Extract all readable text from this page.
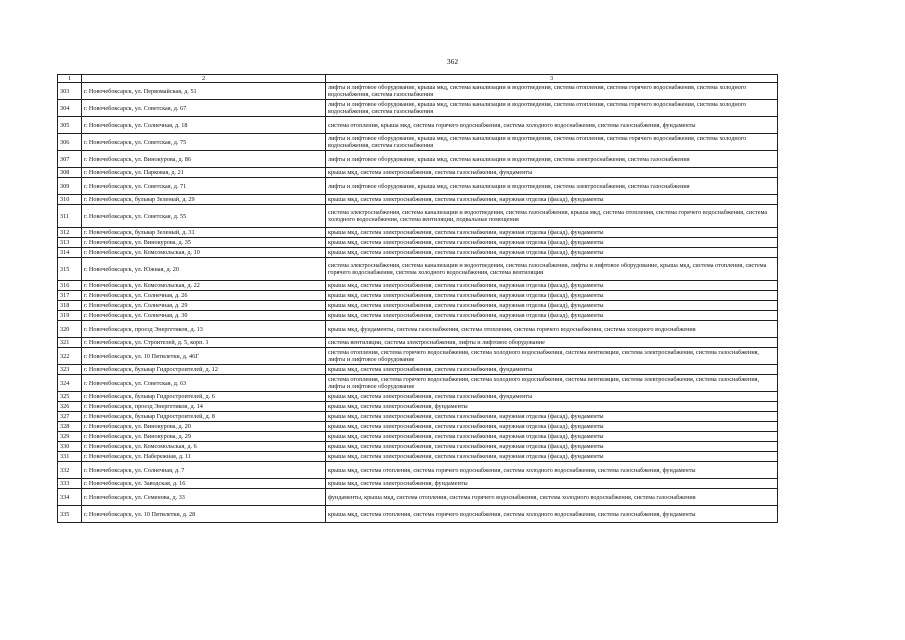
362
1	2	3
303	г. Новочебоксарск, ул. Первомайская, д. 51	лифты и лифтовое оборудование, крыша мкд, система канализации и водоотведения, система отопления, система горячего водоснабжения, система холодного водоснабжения, система газоснабжения
304	г. Новочебоксарск, ул. Советская, д. 67	лифты и лифтовое оборудование, крыша мкд, система канализации и водоотведения, система отопления, система горячего водоснабжения, система холодного водоснабжения, система газоснабжения
305	г. Новочебоксарск, ул. Солнечная, д. 18	система отопления, крыша мкд, система горячего водоснабжения, система холодного водоснабжения, система газоснабжения, фундаменты
306	г. Новочебоксарск, ул. Советская, д. 75	лифты и лифтовое оборудование, крыша мкд, система канализации и водоотведения, система отопления, система горячего водоснабжения, система холодного водоснабжения, система газоснабжения
307	г. Новочебоксарск, ул. Винокурова, д. 86	лифты и лифтовое оборудование, крыша мкд, система канализации и водоотведения, система электроснабжения, система газоснабжения
308	г. Новочебоксарск, ул. Парковая, д. 21	крыша мкд, система электроснабжения, система газоснабжения, фундаменты
309	г. Новочебоксарск, ул. Советская, д. 71	лифты и лифтовое оборудование, крыша мкд, система канализации и водоотведения, система электроснабжения, система газоснабжения
310	г. Новочебоксарск, бульвар Зеленый, д. 29	крыша мкд, система электроснабжения, система газоснабжения, наружная отделка (фасад), фундаменты
311	г. Новочебоксарск, ул. Советская, д. 55	система электроснабжения, система канализации и водоотведения, система газоснабжения, крыша мкд, система отопления, система горячего водоснабжения, система холодного водоснабжения, система вентиляции, подвальные помещения
312	г. Новочебоксарск, бульвар Зеленый, д. 31	крыша мкд, система электроснабжения, система газоснабжения, наружная отделка (фасад), фундаменты
313	г. Новочебоксарск, ул. Винокурова, д. 35	крыша мкд, система электроснабжения, система газоснабжения, наружная отделка (фасад), фундаменты
314	г. Новочебоксарск, ул. Комсомольская, д. 10	крыша мкд, система электроснабжения, система газоснабжения, наружная отделка (фасад), фундаменты
315	г. Новочебоксарск, ул. Южная, д. 20	система электроснабжения, система канализации и водоотведения, система газоснабжения, лифты и лифтовое оборудование, крыша мкд, система отопления, система горячего водоснабжения, система холодного водоснабжения, система вентиляции
316	г. Новочебоксарск, ул. Комсомольская, д. 22	крыша мкд, система электроснабжения, система газоснабжения, наружная отделка (фасад), фундаменты
317	г. Новочебоксарск, ул. Солнечная, д. 26	крыша мкд, система электроснабжения, система газоснабжения, наружная отделка (фасад), фундаменты
318	г. Новочебоксарск, ул. Солнечная, д. 29	крыша мкд, система электроснабжения, система газоснабжения, наружная отделка (фасад), фундаменты
319	г. Новочебоксарск, ул. Солнечная, д. 30	крыша мкд, система электроснабжения, система газоснабжения, наружная отделка (фасад), фундаменты
320	г. Новочебоксарск, проезд Энергетиков, д. 13	крыша мкд, фундаменты, система газоснабжения, система отопления, система горячего водоснабжения, система холодного водоснабжения
321	г. Новочебоксарск, ул. Строителей, д. 5, корп. 1	система вентиляции, система электроснабжения, лифты и лифтовое оборудование
322	г. Новочебоксарск, ул. 10 Пятилетки, д. 46Г	система отопления, система горячего водоснабжения, система холодного водоснабжения, система вентиляции, система электроснабжения, система газоснабжения, лифты и лифтовое оборудование
323	г. Новочебоксарск, бульвар Гидростроителей, д. 12	крыша мкд, система электроснабжения, система газоснабжения, фундаменты
324	г. Новочебоксарск, ул. Советская, д. 63	система отопления, система горячего водоснабжения, система холодного водоснабжения, система вентиляции, система электроснабжения, система газоснабжения, лифты и лифтовое оборудование
325	г. Новочебоксарск, бульвар Гидростроителей, д. 6	крыша мкд, система электроснабжения, система газоснабжения, фундаменты
326	г. Новочебоксарск, проезд Энергетиков, д. 14	крыша мкд, система электроснабжения, фундаменты
327	г. Новочебоксарск, бульвар Гидростроителей, д. 8	крыша мкд, система электроснабжения, система газоснабжения, наружная отделка (фасад), фундаменты
328	г. Новочебоксарск, ул. Винокурова, д. 20	крыша мкд, система электроснабжения, система газоснабжения, наружная отделка (фасад), фундаменты
329	г. Новочебоксарск, ул. Винокурова, д. 29	крыша мкд, система электроснабжения, система газоснабжения, наружная отделка (фасад), фундаменты
330	г. Новочебоксарск, ул. Комсомольская, д. 6	крыша мкд, система электроснабжения, система газоснабжения, наружная отделка (фасад), фундаменты
331	г. Новочебоксарск, ул. Набережная, д. 11	крыша мкд, система электроснабжения, система газоснабжения, наружная отделка (фасад), фундаменты
332	г. Новочебоксарск, ул. Солнечная, д. 7	крыша мкд, система отопления, система горячего водоснабжения, система холодного водоснабжения, система газоснабжения, фундаменты
333	г. Новочебоксарск, ул. Заводская, д. 16	крыша мкд, система электроснабжения, фундаменты
334	г. Новочебоксарск, ул. Семенова, д. 33	фундаменты, крыша мкд, система отопления, система горячего водоснабжения, система холодного водоснабжения, система газоснабжения
335	г. Новочебоксарск, ул. 10 Пятилетки, д. 28	крыша мкд, система отопления, система горячего водоснабжения, система холодного водоснабжения, система газоснабжения, фундаменты
